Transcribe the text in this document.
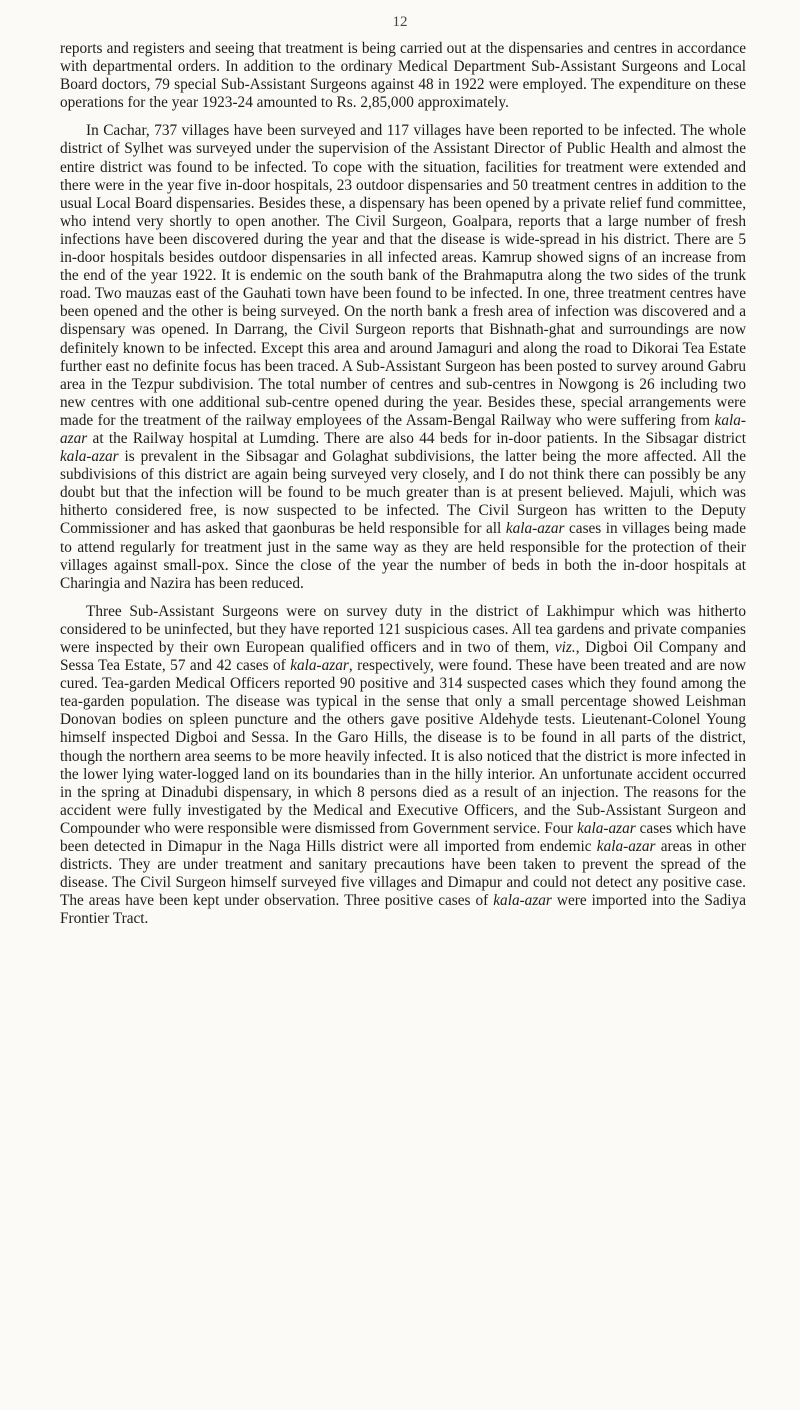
12

reports and registers and seeing that treatment is being carried out at the dispensaries and centres in accordance with departmental orders. In addition to the ordinary Medical Department Sub-Assistant Surgeons and Local Board doctors, 79 special Sub-Assistant Surgeons against 48 in 1922 were employed. The expenditure on these operations for the year 1923-24 amounted to Rs. 2,85,000 approximately.

In Cachar, 737 villages have been surveyed and 117 villages have been reported to be infected. The whole district of Sylhet was surveyed under the supervision of the Assistant Director of Public Health and almost the entire district was found to be infected. To cope with the situation, facilities for treatment were extended and there were in the year five in-door hospitals, 23 outdoor dispensaries and 50 treatment centres in addition to the usual Local Board dispensaries. Besides these, a dispensary has been opened by a private relief fund committee, who intend very shortly to open another. The Civil Surgeon, Goalpara, reports that a large number of fresh infections have been discovered during the year and that the disease is wide-spread in his district. There are 5 in-door hospitals besides outdoor dispensaries in all infected areas. Kamrup showed signs of an increase from the end of the year 1922. It is endemic on the south bank of the Brahmaputra along the two sides of the trunk road. Two mauzas east of the Gauhati town have been found to be infected. In one, three treatment centres have been opened and the other is being surveyed. On the north bank a fresh area of infection was discovered and a dispensary was opened. In Darrang, the Civil Surgeon reports that Bishnath-ghat and surroundings are now definitely known to be infected. Except this area and around Jamaguri and along the road to Dikorai Tea Estate further east no definite focus has been traced. A Sub-Assistant Surgeon has been posted to survey around Gabru area in the Tezpur subdivision. The total number of centres and sub-centres in Nowgong is 26 including two new centres with one additional sub-centre opened during the year. Besides these, special arrangements were made for the treatment of the railway employees of the Assam-Bengal Railway who were suffering from kala-azar at the Railway hospital at Lumding. There are also 44 beds for in-door patients. In the Sibsagar district kala-azar is prevalent in the Sibsagar and Golaghat subdivisions, the latter being the more affected. All the subdivisions of this district are again being surveyed very closely, and I do not think there can possibly be any doubt but that the infection will be found to be much greater than is at present believed. Majuli, which was hitherto considered free, is now suspected to be infected. The Civil Surgeon has written to the Deputy Commissioner and has asked that gaonburas be held responsible for all kala-azar cases in villages being made to attend regularly for treatment just in the same way as they are held responsible for the protection of their villages against small-pox. Since the close of the year the number of beds in both the in-door hospitals at Charingia and Nazira has been reduced.

Three Sub-Assistant Surgeons were on survey duty in the district of Lakhimpur which was hitherto considered to be uninfected, but they have reported 121 suspicious cases. All tea gardens and private companies were inspected by their own European qualified officers and in two of them, viz., Digboi Oil Company and Sessa Tea Estate, 57 and 42 cases of kala-azar, respectively, were found. These have been treated and are now cured. Tea-garden Medical Officers reported 90 positive and 314 suspected cases which they found among the tea-garden population. The disease was typical in the sense that only a small percentage showed Leishman Donovan bodies on spleen puncture and the others gave positive Aldehyde tests. Lieutenant-Colonel Young himself inspected Digboi and Sessa. In the Garo Hills, the disease is to be found in all parts of the district, though the northern area seems to be more heavily infected. It is also noticed that the district is more infected in the lower lying water-logged land on its boundaries than in the hilly interior. An unfortunate accident occurred in the spring at Dinadubi dispensary, in which 8 persons died as a result of an injection. The reasons for the accident were fully investigated by the Medical and Executive Officers, and the Sub-Assistant Surgeon and Compounder who were responsible were dismissed from Government service. Four kala-azar cases which have been detected in Dimapur in the Naga Hills district were all imported from endemic kala-azar areas in other districts. They are under treatment and sanitary precautions have been taken to prevent the spread of the disease. The Civil Surgeon himself surveyed five villages and Dimapur and could not detect any positive case. The areas have been kept under observation. Three positive cases of kala-azar were imported into the Sadiya Frontier Tract.
